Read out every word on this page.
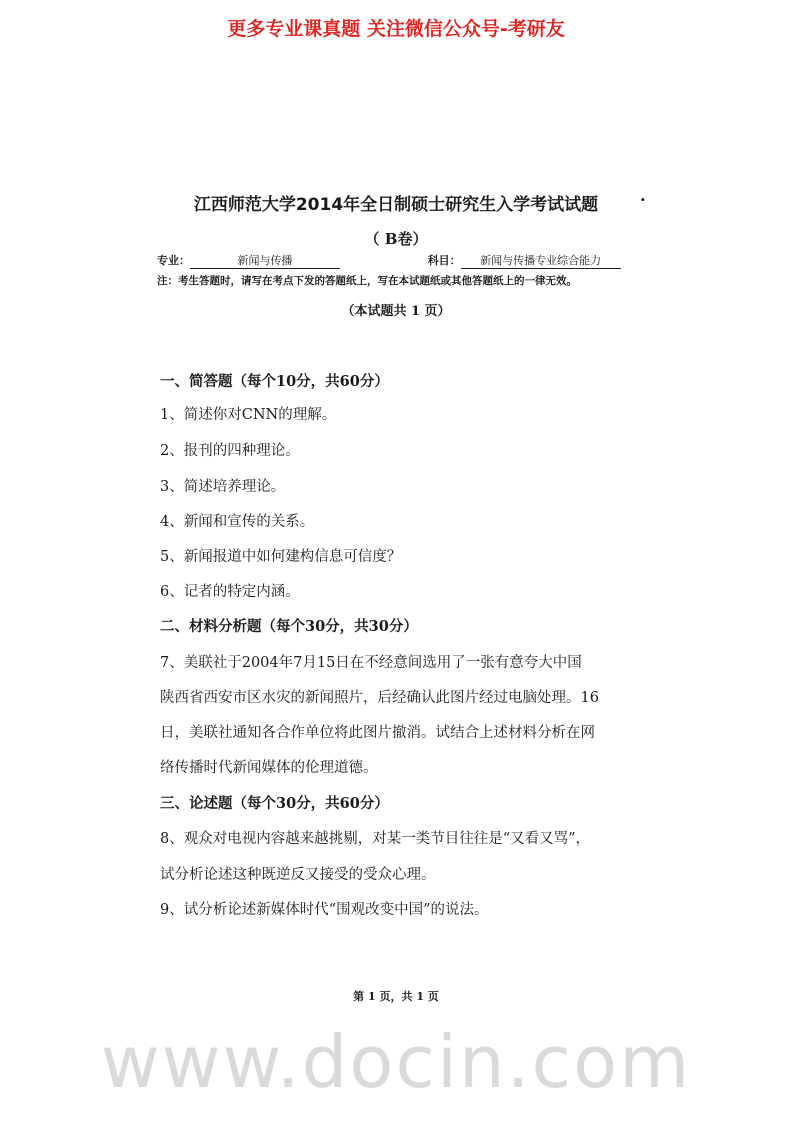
更多专业课真题 关注微信公众号-考研友
江西师范大学2014年全日制硕士研究生入学考试试题	·
（ B卷）
专业：	新闻与传播	科目： 新闻与传播专业综合能力
注：考生答题时，请写在考点下发的答题纸上，写在本试题纸或其他答题纸上的一律无效。
（本试题共 1 页）
一、简答题（每个10分，共60分）
1、简述你对CNN的理解。
2、报刊的四种理论。
3、简述培养理论。
4、新闻和宣传的关系。
5、新闻报道中如何建构信息可信度？
6、记者的特定内涵。
二、材料分析题（每个30分，共30分）
7、美联社于2004年7月15日在不经意间选用了一张有意夸大中国
陕西省西安市区水灾的新闻照片，后经确认此图片经过电脑处理。16
日，美联社通知各合作单位将此图片撤消。试结合上述材料分析在网
络传播时代新闻媒体的伦理道德。
三、论述题（每个30分，共60分）
8、观众对电视内容越来越挑剔，对某一类节目往往是“又看又骂”，
试分析论述这种既逆反又接受的受众心理。
9、试分析论述新媒体时代“围观改变中国”的说法。
第 1 页，共 1 页
www.docin.com
